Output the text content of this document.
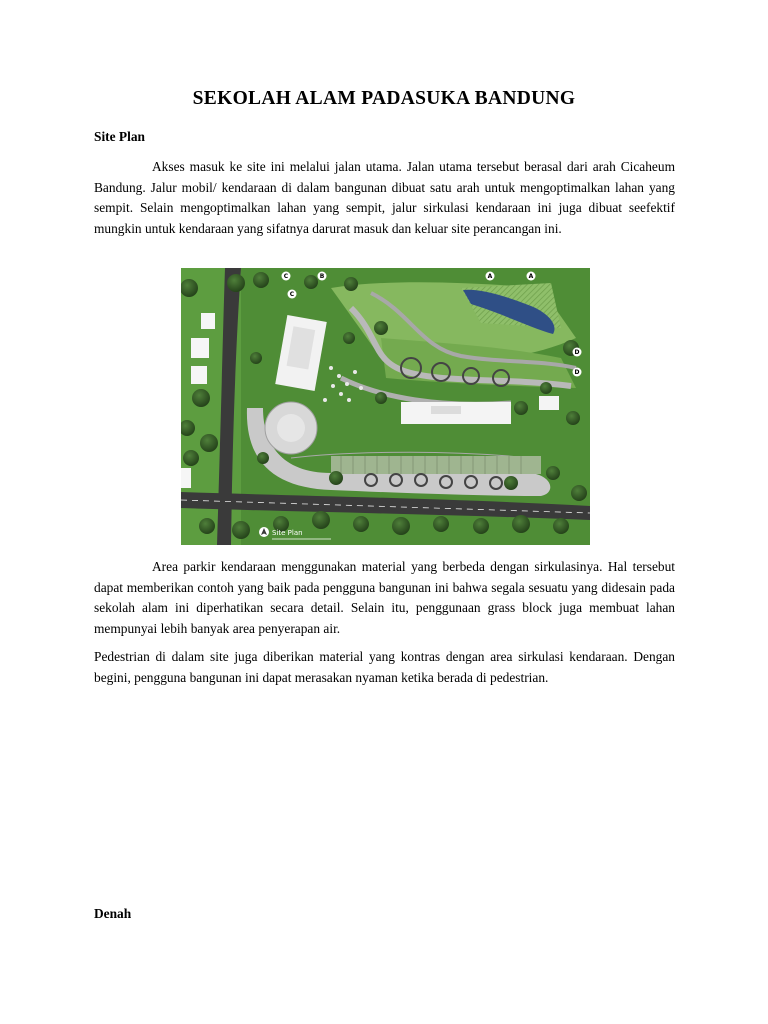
SEKOLAH ALAM PADASUKA BANDUNG

Site Plan

Akses masuk ke site ini melalui jalan utama. Jalan utama tersebut berasal dari arah Cicaheum Bandung. Jalur mobil/ kendaraan di dalam bangunan dibuat satu arah untuk mengoptimalkan lahan yang sempit. Selain mengoptimalkan lahan yang sempit, jalur sirkulasi kendaraan ini juga dibuat seefektif mungkin untuk kendaraan yang sifatnya darurat masuk dan keluar site perancangan ini.

A	A
B
C
C
D
D
Site Plan

Area parkir kendaraan menggunakan material yang berbeda dengan sirkulasinya. Hal tersebut dapat memberikan contoh yang baik pada pengguna bangunan ini bahwa segala sesuatu yang didesain pada sekolah alam ini diperhatikan secara detail. Selain itu, penggunaan grass block juga membuat lahan mempunyai lebih banyak area penyerapan air.

Pedestrian di dalam site juga diberikan material yang kontras dengan area sirkulasi kendaraan. Dengan begini, pengguna bangunan ini dapat merasakan nyaman ketika berada di pedestrian.

Denah
